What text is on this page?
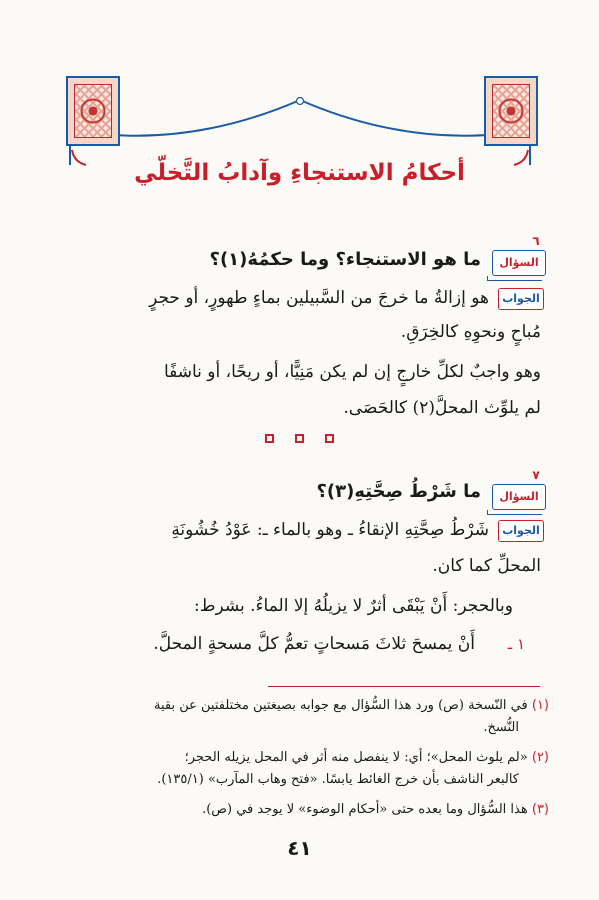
أحكامُ الاستنجاءِ وآدابُ التَّخلّي
٦
السؤال
ما هو الاستنجاء؟ وما حكمُهُ(١)؟
الجواب
هو إزالةُ ما خرجَ من السَّبيلين بماءٍ طهورٍ، أو حجرٍ
مُباحٍ ونحوِهِ كالخِرَقِ.
وهو واجبٌ لكلِّ خارجٍ إن لم يكن مَنِيًّا، أو ريحًا، أو ناشفًا
لم يلوِّث المحلَّ(٢) كالحَصَى.

٧
السؤال
ما شَرْطُ صِحَّتِهِ(٣)؟
الجواب
شَرْطُ صِحَّتِهِ الإنقاءُ ـ وهو بالماء ـ: عَوْدُ خُشُونَةِ
المحلِّ كما كان.
وبالحجر: أَنْ يَبْقَى أثرٌ لا يزيلُهُ إلا الماءُ. بشرط:
١ ـ  أَنْ يمسحَ ثلاثَ مَسحاتٍ تعمُّ كلَّ مسحةٍ المحلَّ.
(١) في النّسخة (ص) ورد هذا السُّؤال مع جوابه بصيغتين مختلفتين عن بقية
النُّسخ.
(٢) «لم يلوث المحل»؛ أي: لا ينفصل منه أثر في المحل يزيله الحجر؛
كالبعر الناشف بأن خرج الغائط يابسًا. «فتح وهاب المآرب» (١٣٥/١).
(٣) هذا السُّؤال وما بعده حتى «أحكام الوضوء» لا يوجد في (ص).
٤١
